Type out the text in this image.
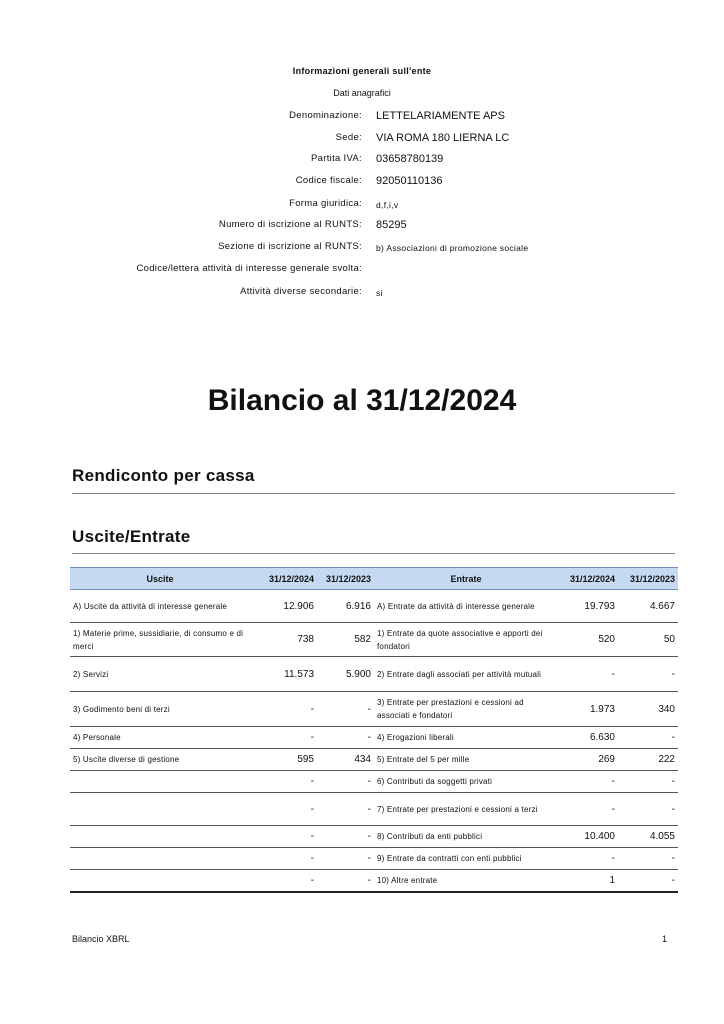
Informazioni generali sull'ente
Dati anagrafici
Denominazione: LETTELARIAMENTE APS
Sede: VIA ROMA 180 LIERNA LC
Partita IVA: 03658780139
Codice fiscale: 92050110136
Forma giuridica: d,f,i,v
Numero di iscrizione al RUNTS: 85295
Sezione di iscrizione al RUNTS: b) Associazioni di promozione sociale
Codice/lettera attività di interesse generale svolta:
Attività diverse secondarie: si
Bilancio al 31/12/2024
Rendiconto per cassa
Uscite/Entrate
Uscite	31/12/2024	31/12/2023	Entrate	31/12/2024	31/12/2023
A) Uscite da attività di interesse generale	12.906	6.916	A) Entrate da attività di interesse generale	19.793	4.667
1) Materie prime, sussidiarie, di consumo e di merci	738	582	1) Entrate da quote associative e apporti dei fondatori	520	50
2) Servizi	11.573	5.900	2) Entrate dagli associati per attività mutuali	-	-
3) Godimento beni di terzi	-	-	3) Entrate per prestazioni e cessioni ad associati e fondatori	1.973	340
4) Personale	-	-	4) Erogazioni liberali	6.630	-
5) Uscite diverse di gestione	595	434	5) Entrate del 5 per mille	269	222
	-	-	6) Contributi da soggetti privati	-	-
	-	-	7) Entrate per prestazioni e cessioni a terzi	-	-
	-	-	8) Contributi da enti pubblici	10.400	4.055
	-	-	9) Entrate da contratti con enti pubblici	-	-
	-	-	10) Altre entrate	1	-
Bilancio XBRL	1
